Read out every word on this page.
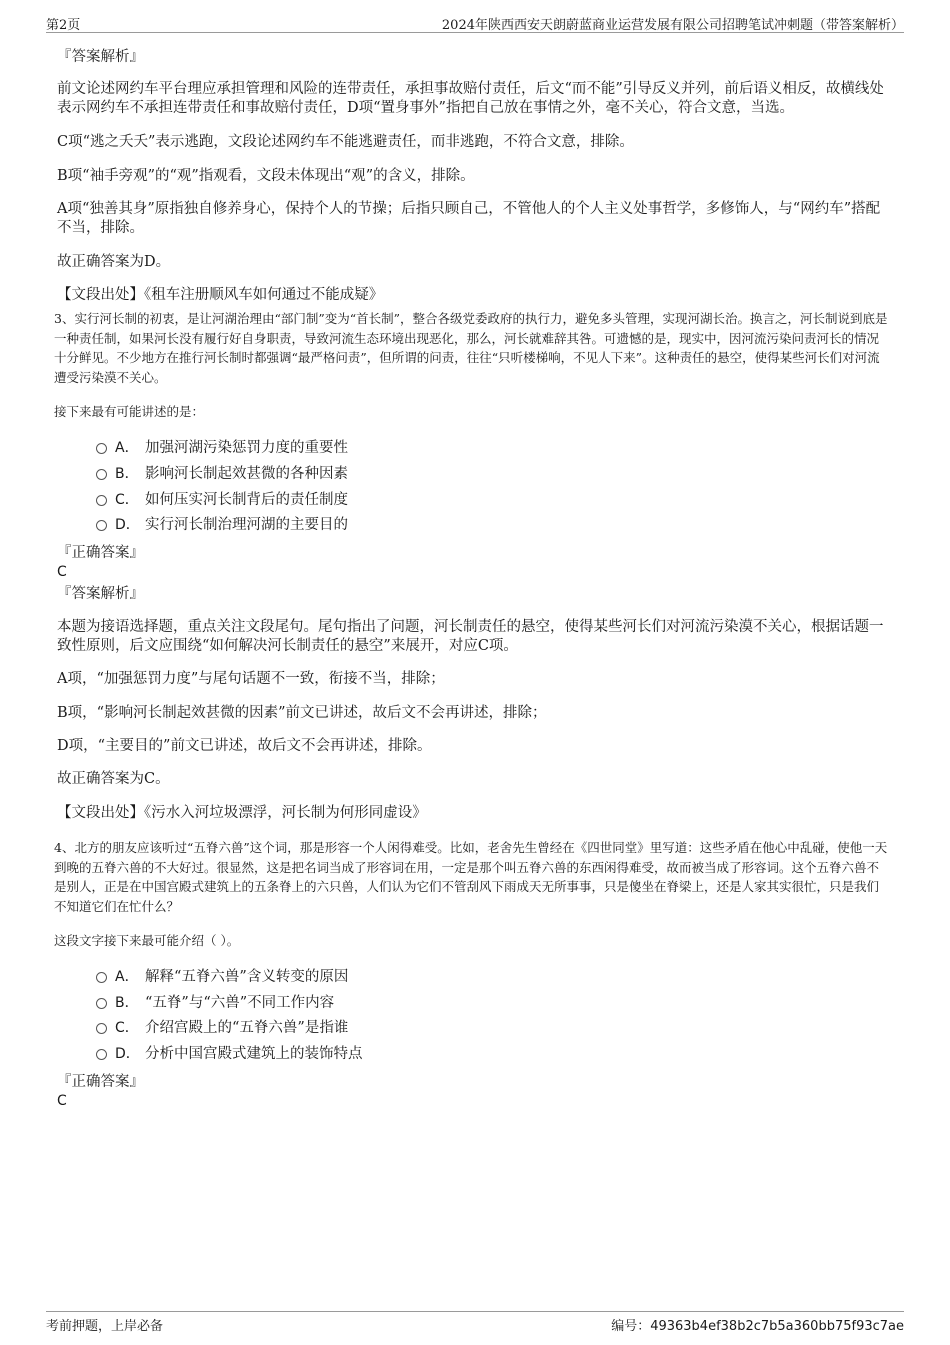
第2页	2024年陕西西安天朗蔚蓝商业运营发展有限公司招聘笔试冲刺题（带答案解析）

『答案解析』

前文论述网约车平台理应承担管理和风险的连带责任，承担事故赔付责任，后文“而不能”引导反义并列，前后语义相反，故横线处表示网约车不承担连带责任和事故赔付责任，D项“置身事外”指把自己放在事情之外，毫不关心，符合文意，当选。

C项“逃之夭夭”表示逃跑，文段论述网约车不能逃避责任，而非逃跑，不符合文意，排除。

B项“袖手旁观”的“观”指观看，文段未体现出“观”的含义，排除。

A项“独善其身”原指独自修养身心，保持个人的节操；后指只顾自己，不管他人的个人主义处事哲学，多修饰人，与“网约车”搭配不当，排除。

故正确答案为D。

【文段出处】《租车注册顺风车如何通过不能成疑》

3、实行河长制的初衷，是让河湖治理由“部门制”变为“首长制”，整合各级党委政府的执行力，避免多头管理，实现河湖长治。换言之，河长制说到底是一种责任制，如果河长没有履行好自身职责，导致河流生态环境出现恶化，那么，河长就难辞其咎。可遗憾的是，现实中，因河流污染问责河长的情况十分鲜见。不少地方在推行河长制时都强调“最严格问责”，但所谓的问责，往往“只听楼梯响，不见人下来”。这种责任的悬空，使得某些河长们对河流遭受污染漠不关心。

接下来最有可能讲述的是：

A． 加强河湖污染惩罚力度的重要性
B． 影响河长制起效甚微的各种因素
C． 如何压实河长制背后的责任制度
D． 实行河长制治理河湖的主要目的

『正确答案』

C

『答案解析』

本题为接语选择题，重点关注文段尾句。尾句指出了问题，河长制责任的悬空，使得某些河长们对河流污染漠不关心，根据话题一致性原则，后文应围绕“如何解决河长制责任的悬空”来展开，对应C项。

A项，“加强惩罚力度”与尾句话题不一致，衔接不当，排除；

B项，“影响河长制起效甚微的因素”前文已讲述，故后文不会再讲述，排除；

D项，“主要目的”前文已讲述，故后文不会再讲述，排除。

故正确答案为C。

【文段出处】《污水入河垃圾漂浮，河长制为何形同虚设》

4、北方的朋友应该听过“五脊六兽”这个词，那是形容一个人闲得难受。比如，老舍先生曾经在《四世同堂》里写道：这些矛盾在他心中乱碰，使他一天到晚的五脊六兽的不大好过。很显然，这是把名词当成了形容词在用，一定是那个叫五脊六兽的东西闲得难受，故而被当成了形容词。这个五脊六兽不是别人，正是在中国宫殿式建筑上的五条脊上的六只兽，人们认为它们不管刮风下雨成天无所事事，只是傻坐在脊梁上，还是人家其实很忙，只是我们不知道它们在忙什么？

这段文字接下来最可能介绍（ ）。

A． 解释“五脊六兽”含义转变的原因
B． “五脊”与“六兽”不同工作内容
C． 介绍宫殿上的“五脊六兽”是指谁
D． 分析中国宫殿式建筑上的装饰特点

『正确答案』

C

考前押题，上岸必备	编号：49363b4ef38b2c7b5a360bb75f93c7ae
